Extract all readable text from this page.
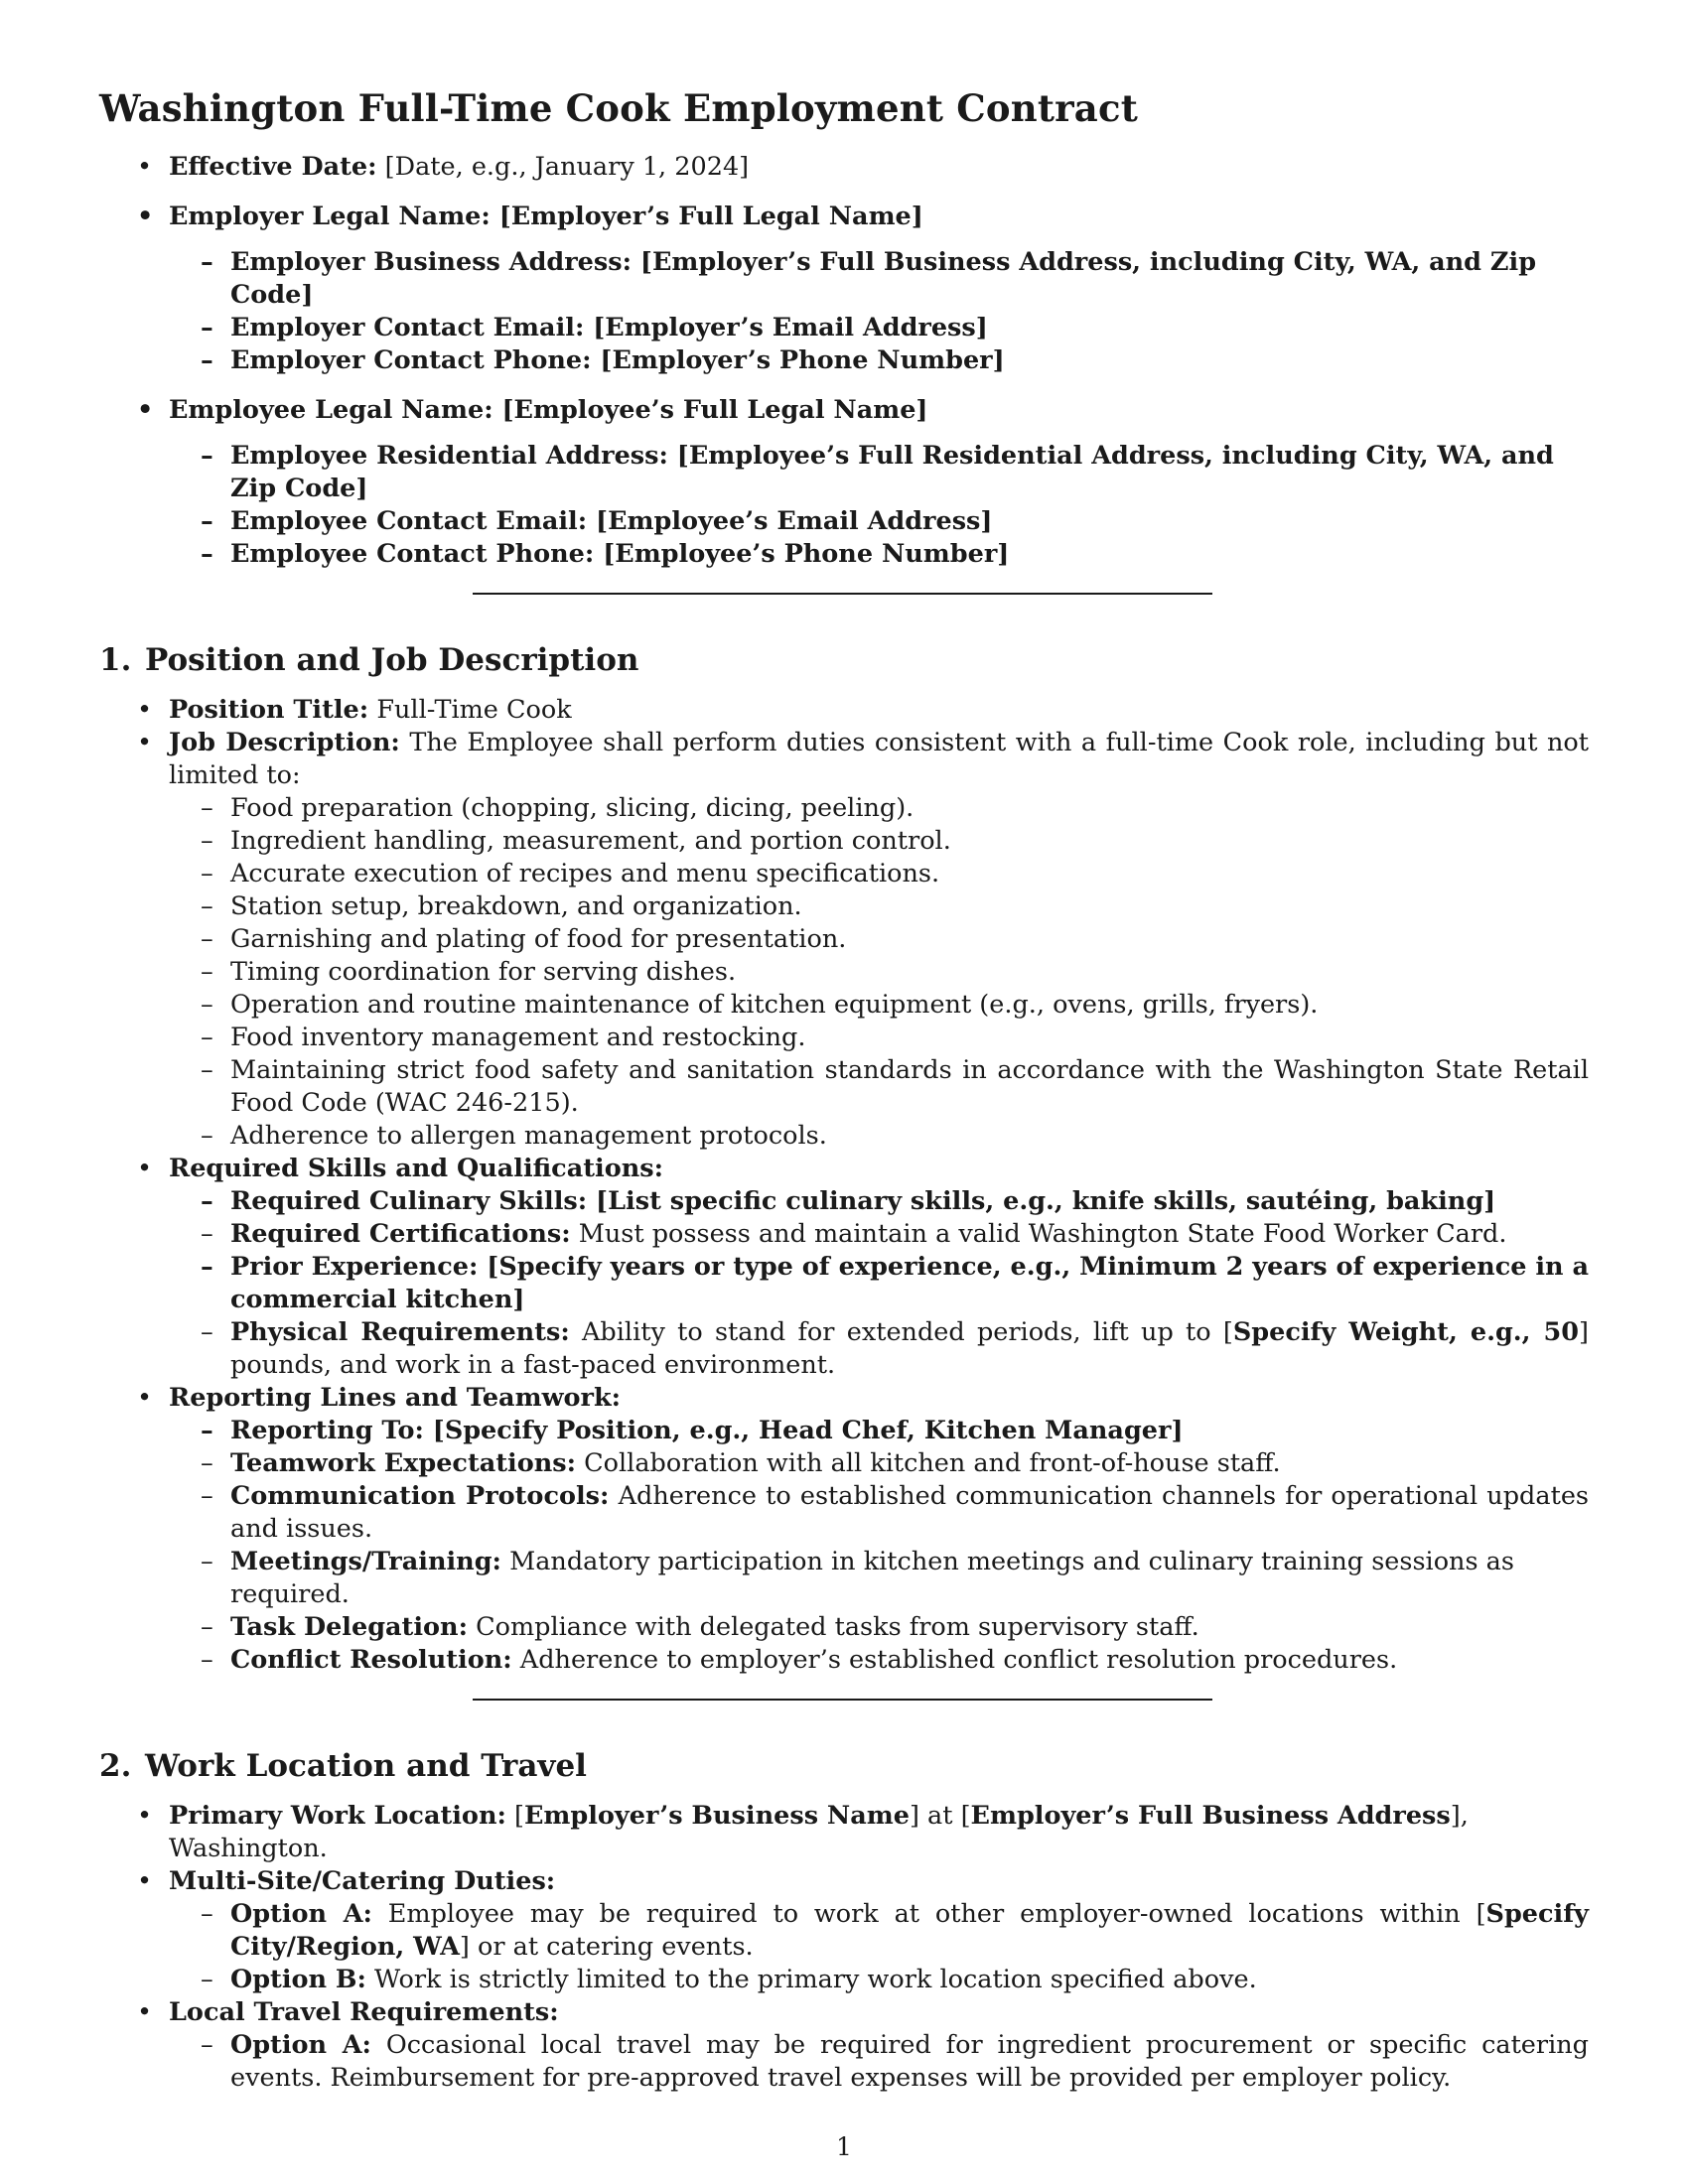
Washington Full-Time Cook Employment Contract
• Effective Date: [Date, e.g., January 1, 2024]
• Employer Legal Name: [Employer’s Full Legal Name]
– Employer Business Address: [Employer’s Full Business Address, including City, WA, and Zip Code]
– Employer Contact Email: [Employer’s Email Address]
– Employer Contact Phone: [Employer’s Phone Number]
• Employee Legal Name: [Employee’s Full Legal Name]
– Employee Residential Address: [Employee’s Full Residential Address, including City, WA, and Zip Code]
– Employee Contact Email: [Employee’s Email Address]
– Employee Contact Phone: [Employee’s Phone Number]
1. Position and Job Description
• Position Title: Full-Time Cook
• Job Description: The Employee shall perform duties consistent with a full-time Cook role, including but not limited to:
– Food preparation (chopping, slicing, dicing, peeling).
– Ingredient handling, measurement, and portion control.
– Accurate execution of recipes and menu specifications.
– Station setup, breakdown, and organization.
– Garnishing and plating of food for presentation.
– Timing coordination for serving dishes.
– Operation and routine maintenance of kitchen equipment (e.g., ovens, grills, fryers).
– Food inventory management and restocking.
– Maintaining strict food safety and sanitation standards in accordance with the Washington State Retail Food Code (WAC 246-215).
– Adherence to allergen management protocols.
• Required Skills and Qualifications:
– Required Culinary Skills: [List specific culinary skills, e.g., knife skills, sautéing, baking]
– Required Certifications: Must possess and maintain a valid Washington State Food Worker Card.
– Prior Experience: [Specify years or type of experience, e.g., Minimum 2 years of experience in a commercial kitchen]
– Physical Requirements: Ability to stand for extended periods, lift up to [Specify Weight, e.g., 50] pounds, and work in a fast-paced environment.
• Reporting Lines and Teamwork:
– Reporting To: [Specify Position, e.g., Head Chef, Kitchen Manager]
– Teamwork Expectations: Collaboration with all kitchen and front-of-house staff.
– Communication Protocols: Adherence to established communication channels for operational updates and issues.
– Meetings/Training: Mandatory participation in kitchen meetings and culinary training sessions as required.
– Task Delegation: Compliance with delegated tasks from supervisory staff.
– Conflict Resolution: Adherence to employer’s established conflict resolution procedures.
2. Work Location and Travel
• Primary Work Location: [Employer’s Business Name] at [Employer’s Full Business Address], Washington.
• Multi-Site/Catering Duties:
– Option A: Employee may be required to work at other employer-owned locations within [Specify City/Region, WA] or at catering events.
– Option B: Work is strictly limited to the primary work location specified above.
• Local Travel Requirements:
– Option A: Occasional local travel may be required for ingredient procurement or specific catering events. Reimbursement for pre-approved travel expenses will be provided per employer policy.
1
